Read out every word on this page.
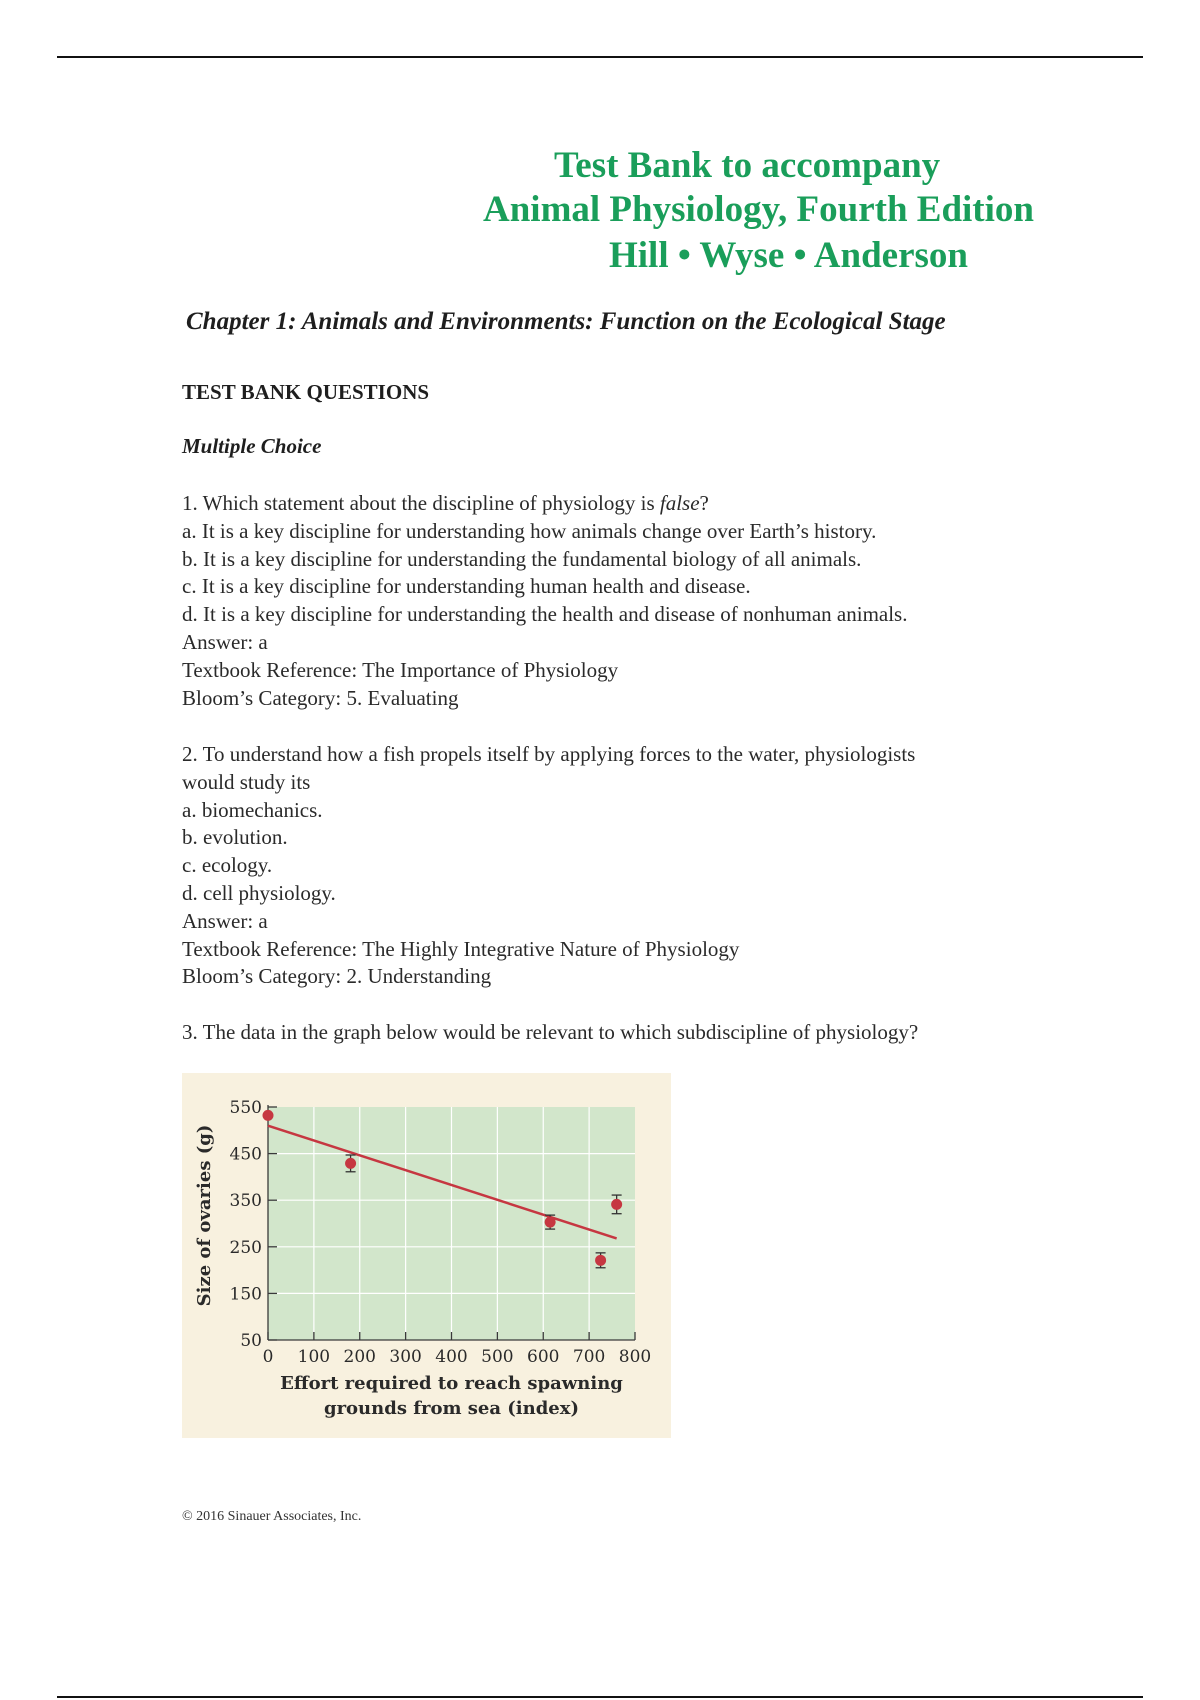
Test Bank to accompany
Animal Physiology, Fourth Edition
Hill • Wyse • Anderson
Chapter 1: Animals and Environments: Function on the Ecological Stage
TEST BANK QUESTIONS
Multiple Choice
1. Which statement about the discipline of physiology is false?
a. It is a key discipline for understanding how animals change over Earth’s history.
b. It is a key discipline for understanding the fundamental biology of all animals.
c. It is a key discipline for understanding human health and disease.
d. It is a key discipline for understanding the health and disease of nonhuman animals.
Answer: a
Textbook Reference: The Importance of Physiology
Bloom’s Category: 5. Evaluating
2. To understand how a fish propels itself by applying forces to the water, physiologists
would study its
a. biomechanics.
b. evolution.
c. ecology.
d. cell physiology.
Answer: a
Textbook Reference: The Highly Integrative Nature of Physiology
Bloom’s Category: 2. Understanding
3. The data in the graph below would be relevant to which subdiscipline of physiology?
50
150
250
350
450
550
0 100 200 300 400 500 600 700 800
Effort required to reach spawning
grounds from sea (index)
Size of ovaries (g)
© 2016 Sinauer Associates, Inc.
